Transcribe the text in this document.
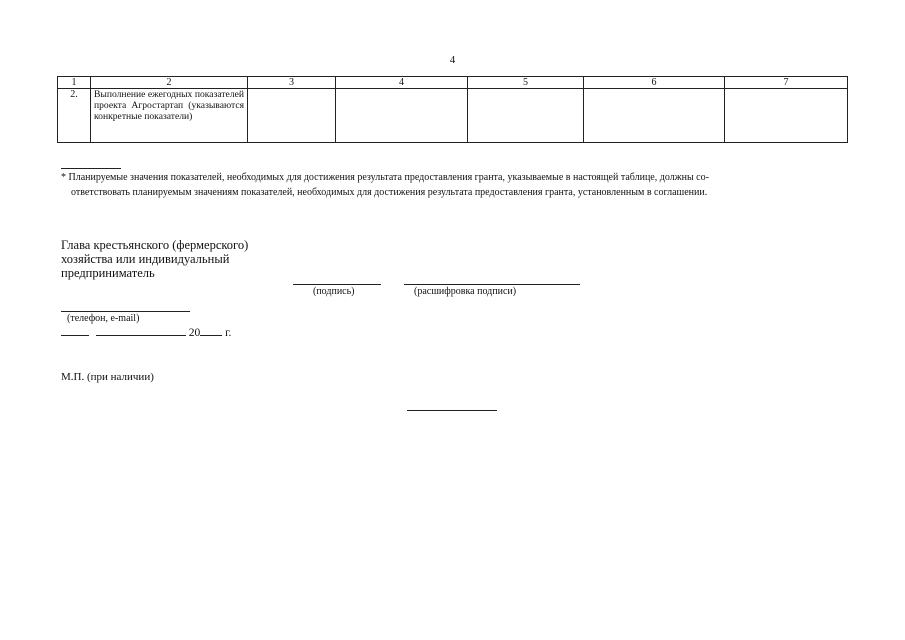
4
1	2	3	4	5	6	7
2.	Выполнение ежегодных показателей проекта Агростартап (указываются конкретные показатели)					
* Планируемые значения показателей, необходимых для достижения результата предоставления гранта, указываемые в настоящей таблице, должны со-
ответствовать планируемым значениям показателей, необходимых для достижения результата предоставления гранта, установленным в соглашении.
Глава крестьянского (фермерского)
хозяйства или индивидуальный
предприниматель
(подпись)	(расшифровка подписи)
(телефон, e-mail)
20 г.
М.П. (при наличии)
